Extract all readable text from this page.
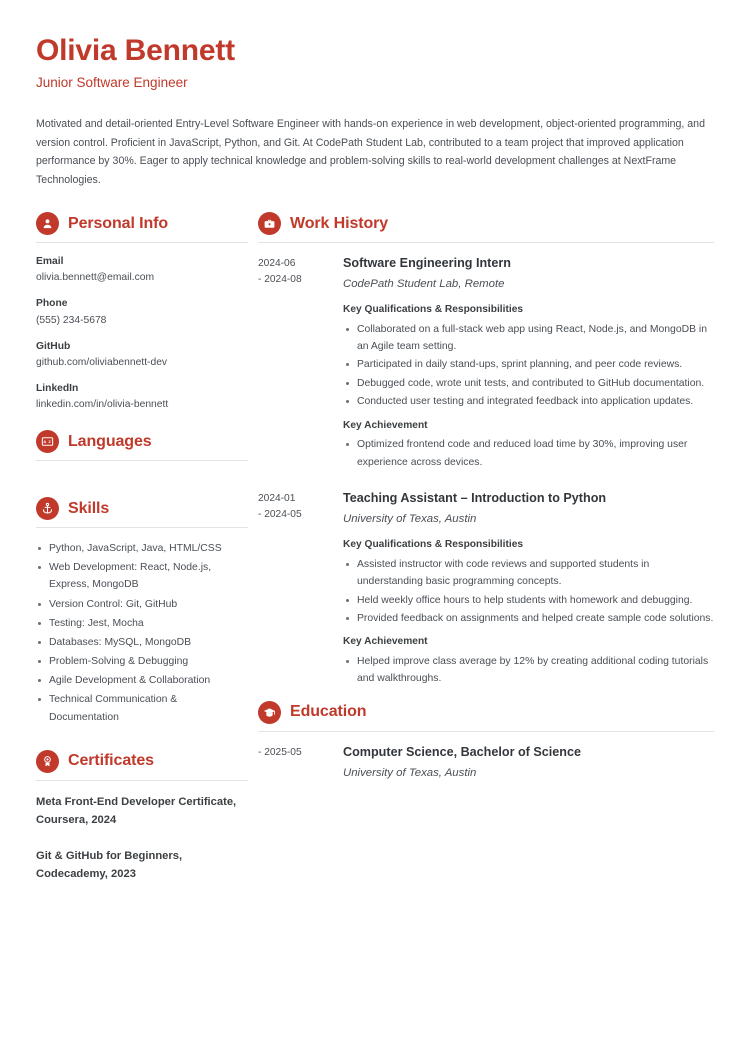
Olivia Bennett
Junior Software Engineer
Motivated and detail-oriented Entry-Level Software Engineer with hands-on experience in web development, object-oriented programming, and version control. Proficient in JavaScript, Python, and Git. At CodePath Student Lab, contributed to a team project that improved application performance by 30%. Eager to apply technical knowledge and problem-solving skills to real-world development challenges at NextFrame Technologies.
Personal Info
Email
olivia.bennett@email.com
Phone
(555) 234-5678
GitHub
github.com/oliviabennett-dev
LinkedIn
linkedin.com/in/olivia-bennett
A Z Languages
Skills
Python, JavaScript, Java, HTML/CSS
Web Development: React, Node.js, Express, MongoDB
Version Control: Git, GitHub
Testing: Jest, Mocha
Databases: MySQL, MongoDB
Problem-Solving & Debugging
Agile Development & Collaboration
Technical Communication & Documentation
Certificates
Meta Front-End Developer Certificate, Coursera, 2024
Git & GitHub for Beginners, Codecademy, 2023
Work History
2024-06
- 2024-08
Software Engineering Intern
CodePath Student Lab, Remote
Key Qualifications & Responsibilities
Collaborated on a full-stack web app using React, Node.js, and MongoDB in an Agile team setting.
Participated in daily stand-ups, sprint planning, and peer code reviews.
Debugged code, wrote unit tests, and contributed to GitHub documentation.
Conducted user testing and integrated feedback into application updates.
Key Achievement
Optimized frontend code and reduced load time by 30%, improving user experience across devices.
2024-01
- 2024-05
Teaching Assistant – Introduction to Python
University of Texas, Austin
Key Qualifications & Responsibilities
Assisted instructor with code reviews and supported students in understanding basic programming concepts.
Held weekly office hours to help students with homework and debugging.
Provided feedback on assignments and helped create sample code solutions.
Key Achievement
Helped improve class average by 12% by creating additional coding tutorials and walkthroughs.
Education
- 2025-05	Computer Science, Bachelor of Science
University of Texas, Austin
